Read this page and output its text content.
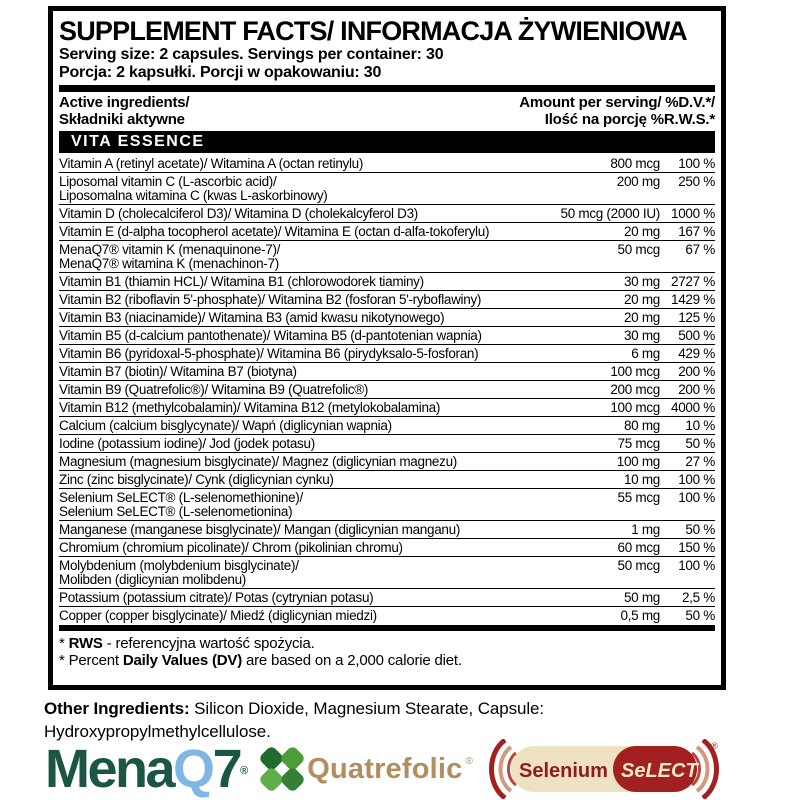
SUPPLEMENT FACTS/ INFORMACJA ŻYWIENIOWA
Serving size: 2 capsules. Servings per container: 30
Porcja: 2 kapsułki. Porcji w opakowaniu: 30
Active ingredients/
Składniki aktywne
Amount per serving/ %D.V.*/
Ilość na porcję %R.W.S.*
VITA ESSENCE
Vitamin A (retinyl acetate)/ Witamina A (octan retinylu)	800 mcg	100 %
Liposomal vitamin C (L-ascorbic acid)/
Liposomalna witamina C (kwas L-askorbinowy)
200 mg	250 %
Vitamin D (cholecalciferol D3)/ Witamina D (cholekalcyferol D3)	50 mcg (2000 IU) 1000 %
Vitamin E (d-alpha tocopherol acetate)/ Witamina E (octan d-alfa-tokoferylu)	20 mg	167 %
MenaQ7® vitamin K (menaquinone-7)/
MenaQ7® witamina K (menachinon-7)
50 mcg	67 %
Vitamin B1 (thiamin HCL)/ Witamina B1 (chlorowodorek tiaminy)	30 mg 2727 %
Vitamin B2 (riboflavin 5'-phosphate)/ Witamina B2 (fosforan 5'-ryboflawiny)	20 mg 1429 %
Vitamin B3 (niacinamide)/ Witamina B3 (amid kwasu nikotynowego)	20 mg	125 %
Vitamin B5 (d-calcium pantothenate)/ Witamina B5 (d-pantotenian wapnia)	30 mg	500 %
Vitamin B6 (pyridoxal-5-phosphate)/ Witamina B6 (pirydyksalo-5-fosforan)	6 mg	429 %
Vitamin B7 (biotin)/ Witamina B7 (biotyna)	100 mcg	200 %
Vitamin B9 (Quatrefolic®)/ Witamina B9 (Quatrefolic®)	200 mcg	200 %
Vitamin B12 (methylcobalamin)/ Witamina B12 (metylokobalamina)	100 mcg 4000 %
Calcium (calcium bisglycynate)/ Wapń (diglicynian wapnia)	80 mg	10 %
Iodine (potassium iodine)/ Jod (jodek potasu)	75 mcg	50 %
Magnesium (magnesium bisglycinate)/ Magnez (diglicynian magnezu)	100 mg	27 %
Zinc (zinc bisglycinate)/ Cynk (diglicynian cynku)	10 mg	100 %
Selenium SeLECT® (L-selenomethionine)/
Selenium SeLECT® (L-selenometionina)
55 mcg	100 %
Manganese (manganese bisglycinate)/ Mangan (diglicynian manganu)	1 mg	50 %
Chromium (chromium picolinate)/ Chrom (pikolinian chromu)	60 mcg	150 %
Molybdenium (molybdenium bisglycinate)/
Molibden (diglicynian molibdenu)
50 mcg	100 %
Potassium (potassium citrate)/ Potas (cytrynian potasu)	50 mg	2,5 %
Copper (copper bisglycinate)/ Miedź (diglicynian miedzi)	0,5 mg	50 %
* RWS - referencyjna wartość spożycia.
* Percent Daily Values (DV) are based on a 2,000 calorie diet.
Other Ingredients: Silicon Dioxide, Magnesium Stearate, Capsule: Hydroxypropylmethylcellulose.
MenaQ7® Quatrefolic ® Selenium SeLECT
®
